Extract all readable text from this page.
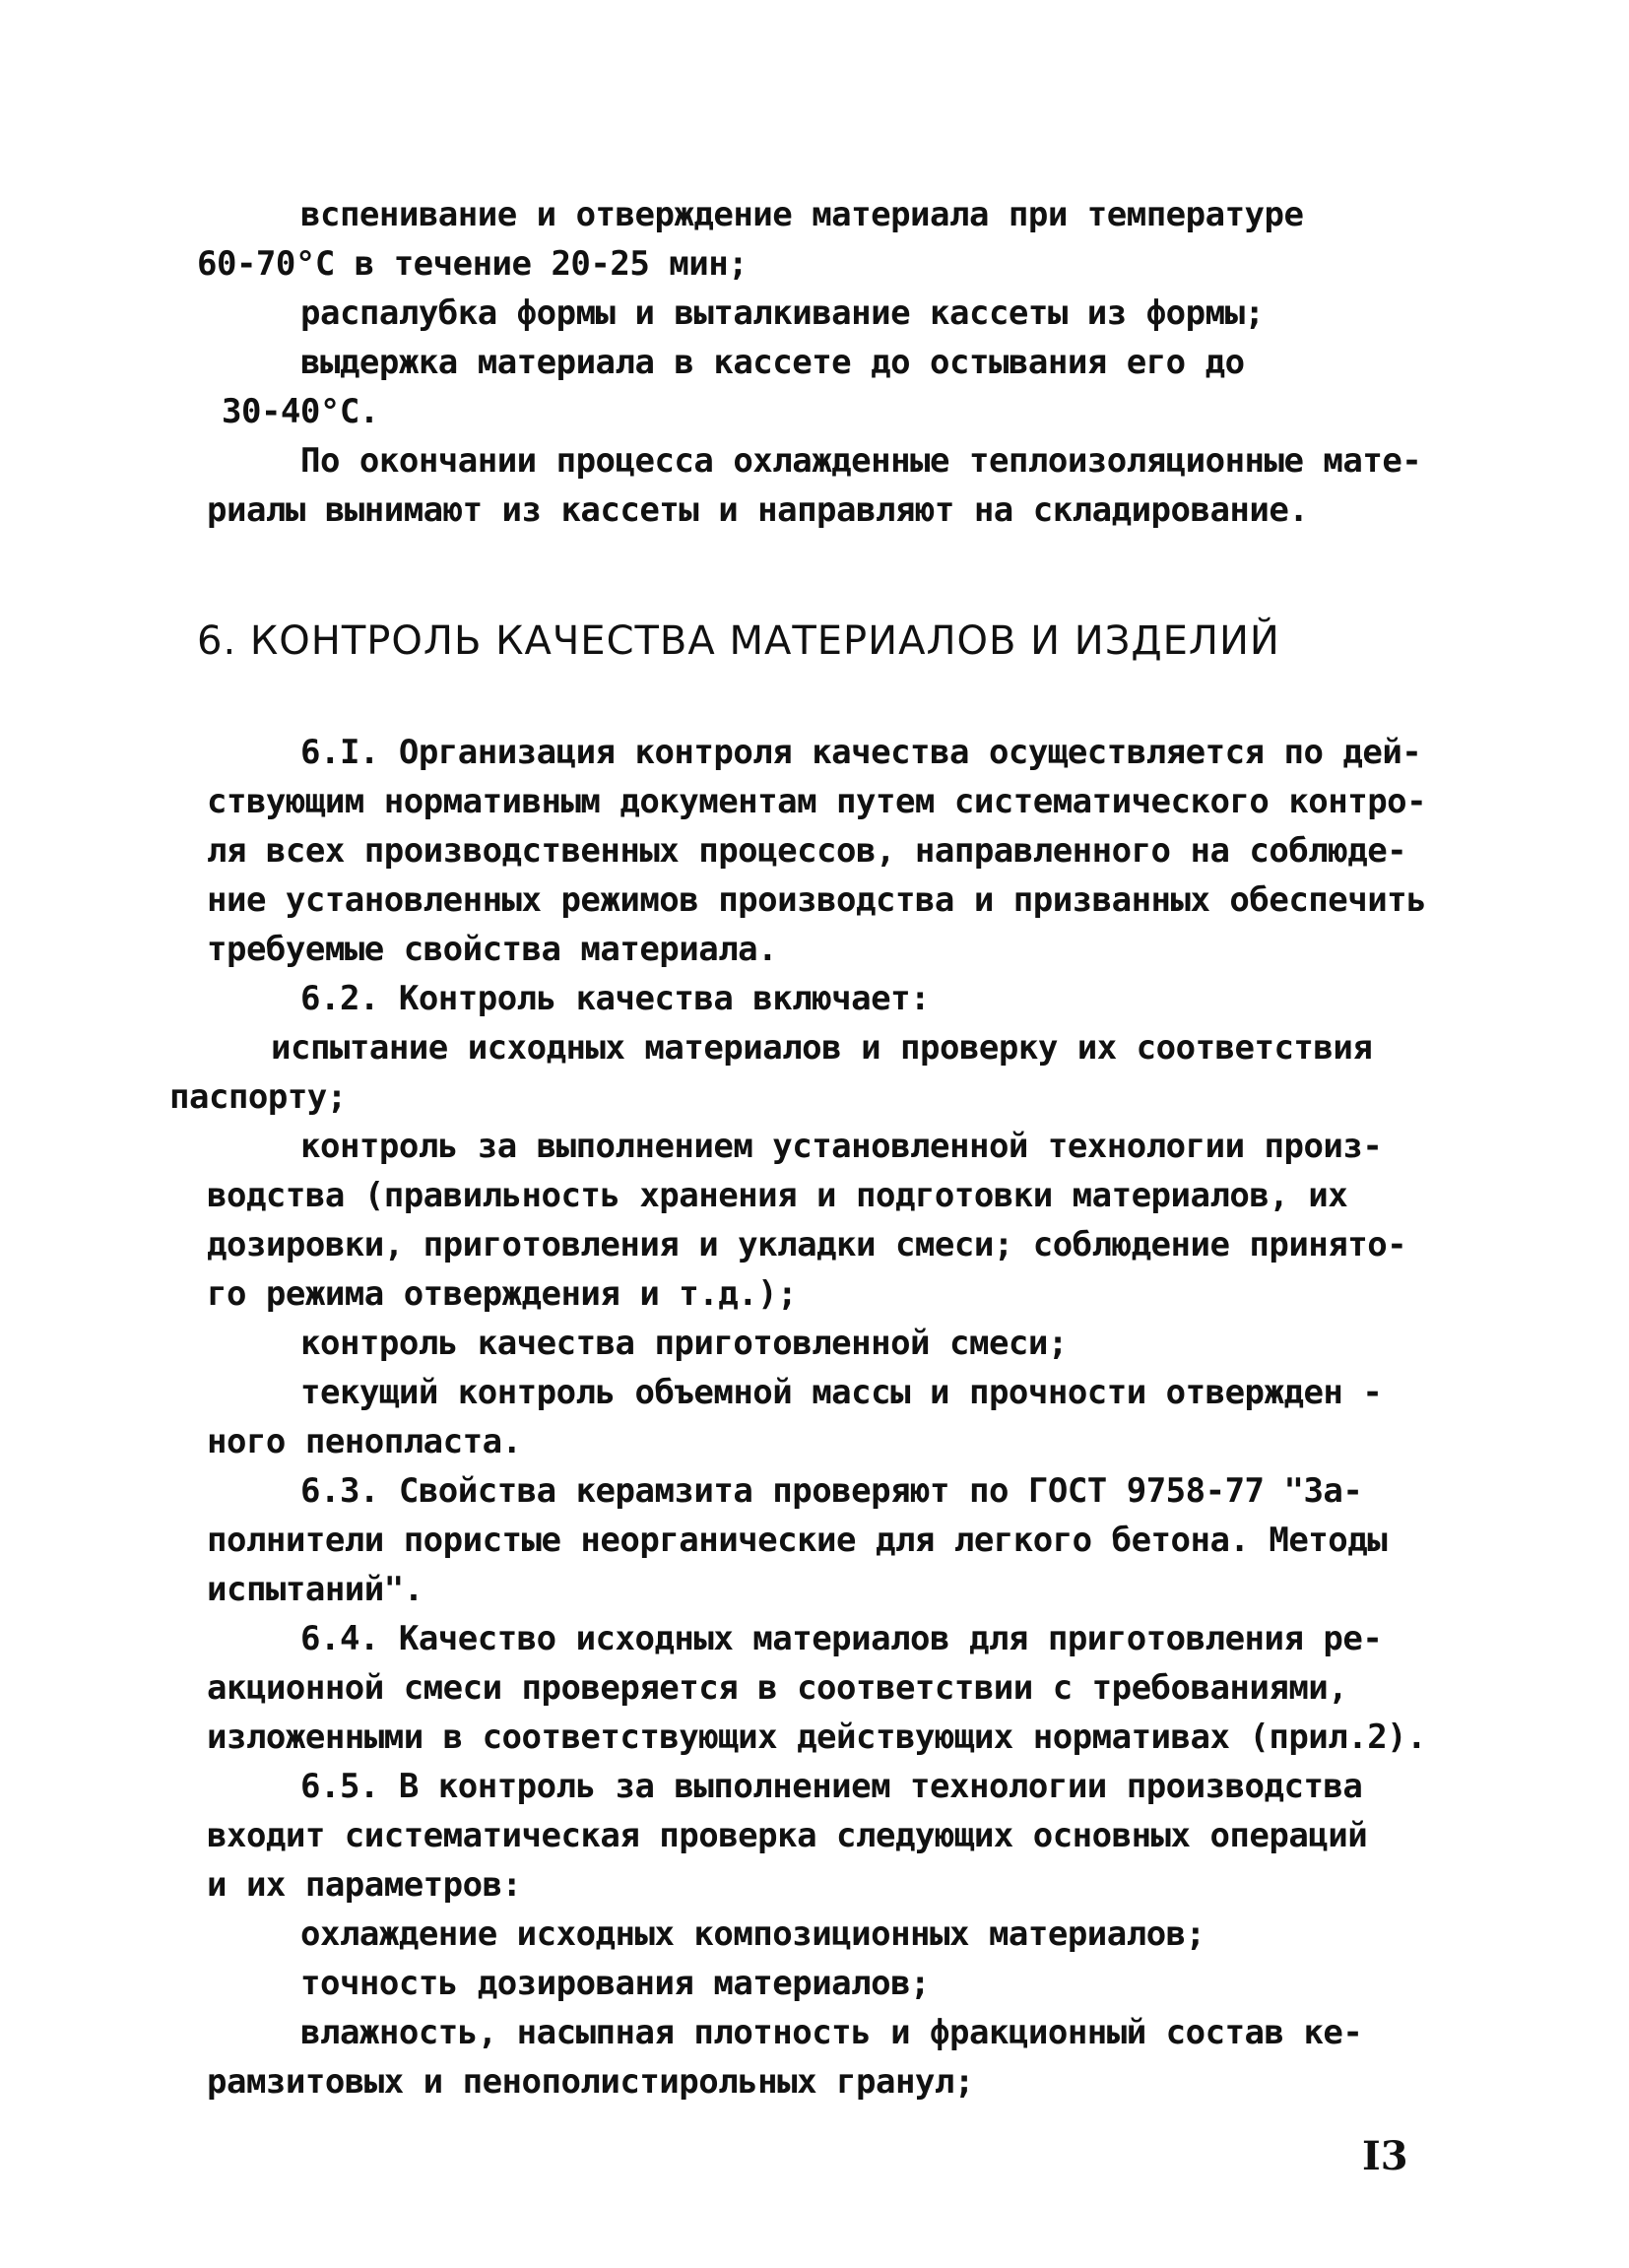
вспенивание и отверждение материала при температуре
60-70°С в течение 20-25 мин;
распалубка формы и выталкивание кассеты из формы;
выдержка материала в кассете до остывания его до
30-40°С.
По окончании процесса охлажденные теплоизоляционные мате-
риалы вынимают из кассеты и направляют на складирование.
6. КОНТРОЛЬ КАЧЕСТВА МАТЕРИАЛОВ И ИЗДЕЛИЙ
6.I. Организация контроля качества осуществляется по дей-
ствующим нормативным документам путем систематического контро-
ля всех производственных процессов, направленного на соблюде-
ние установленных режимов производства и призванных обеспечить
требуемые свойства материала.
6.2. Контроль качества включает:
испытание исходных материалов и проверку их соответствия
паспорту;
контроль за выполнением установленной технологии произ-
водства (правильность хранения и подготовки материалов, их
дозировки, приготовления и укладки смеси; соблюдение принято-
го режима отверждения и т.д.);
контроль качества приготовленной смеси;
текущий контроль объемной массы и прочности отвержден -
ного пенопласта.
6.3. Свойства керамзита проверяют по ГОСТ 9758-77 "За-
полнители пористые неорганические для легкого бетона. Методы
испытаний".
6.4. Качество исходных материалов для приготовления ре-
акционной смеси проверяется в соответствии с требованиями,
изложенными в соответствующих действующих нормативах (прил.2).
6.5. В контроль за выполнением технологии производства
входит систематическая проверка следующих основных операций
и их параметров:
охлаждение исходных композиционных материалов;
точность дозирования материалов;
влажность, насыпная плотность и фракционный состав ке-
рамзитовых и пенополистирольных гранул;
I3
